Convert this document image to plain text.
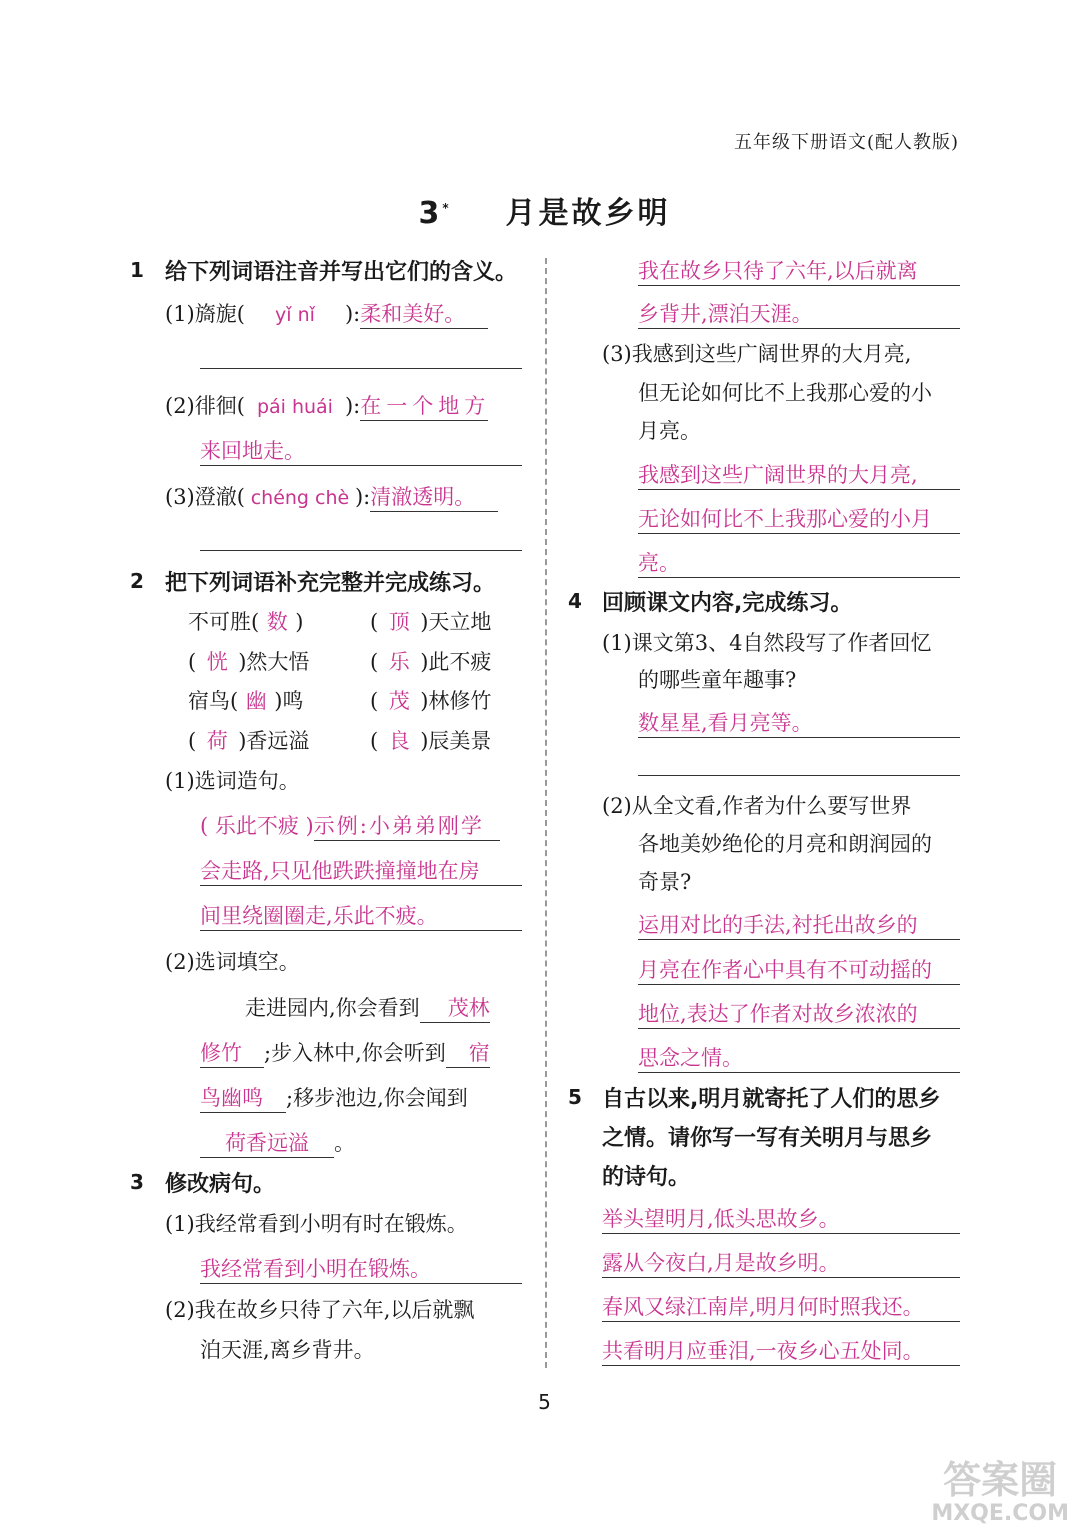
五年级下册语文(配人教版)
3* 月是故乡明
1 给下列词语注音并写出它们的含义。
(1)旖旎( yǐ nǐ ):柔和美好。
(2)徘徊( pái huái ):在一个地方
来回地走。
(3)澄澈( chéng chè ):清澈透明。
2 把下列词语补充完整并完成练习。
不可胜( 数 )	( 顶 )天立地
( 恍 )然大悟	( 乐 )此不疲
宿鸟( 幽 )鸣	( 茂 )林修竹
( 荷 )香远溢	( 良 )辰美景
(1)选词造句。
( 乐此不疲 )示例:小弟弟刚学
会走路,只见他跌跌撞撞地在房
间里绕圈圈走,乐此不疲。
(2)选词填空。
走进园内,你会看到 茂林
修竹 ;步入林中,你会听到 宿
鸟幽鸣 ;移步池边,你会闻到
荷香远溢 。
3 修改病句。
(1)我经常看到小明有时在锻炼。
我经常看到小明在锻炼。
(2)我在故乡只待了六年,以后就飘
泊天涯,离乡背井。
我在故乡只待了六年,以后就离
乡背井,漂泊天涯。
(3)我感到这些广阔世界的大月亮,
但无论如何比不上我那心爱的小
月亮。
我感到这些广阔世界的大月亮,
无论如何比不上我那心爱的小月
亮。
4 回顾课文内容,完成练习。
(1)课文第3、4自然段写了作者回忆
的哪些童年趣事?
数星星,看月亮等。
(2)从全文看,作者为什么要写世界
各地美妙绝伦的月亮和朗润园的
奇景?
运用对比的手法,衬托出故乡的
月亮在作者心中具有不可动摇的
地位,表达了作者对故乡浓浓的
思念之情。
5 自古以来,明月就寄托了人们的思乡
之情。请你写一写有关明月与思乡
的诗句。
举头望明月,低头思故乡。
露从今夜白,月是故乡明。
春风又绿江南岸,明月何时照我还。
共看明月应垂泪,一夜乡心五处同。
5
答案圈
MXQE.COM
